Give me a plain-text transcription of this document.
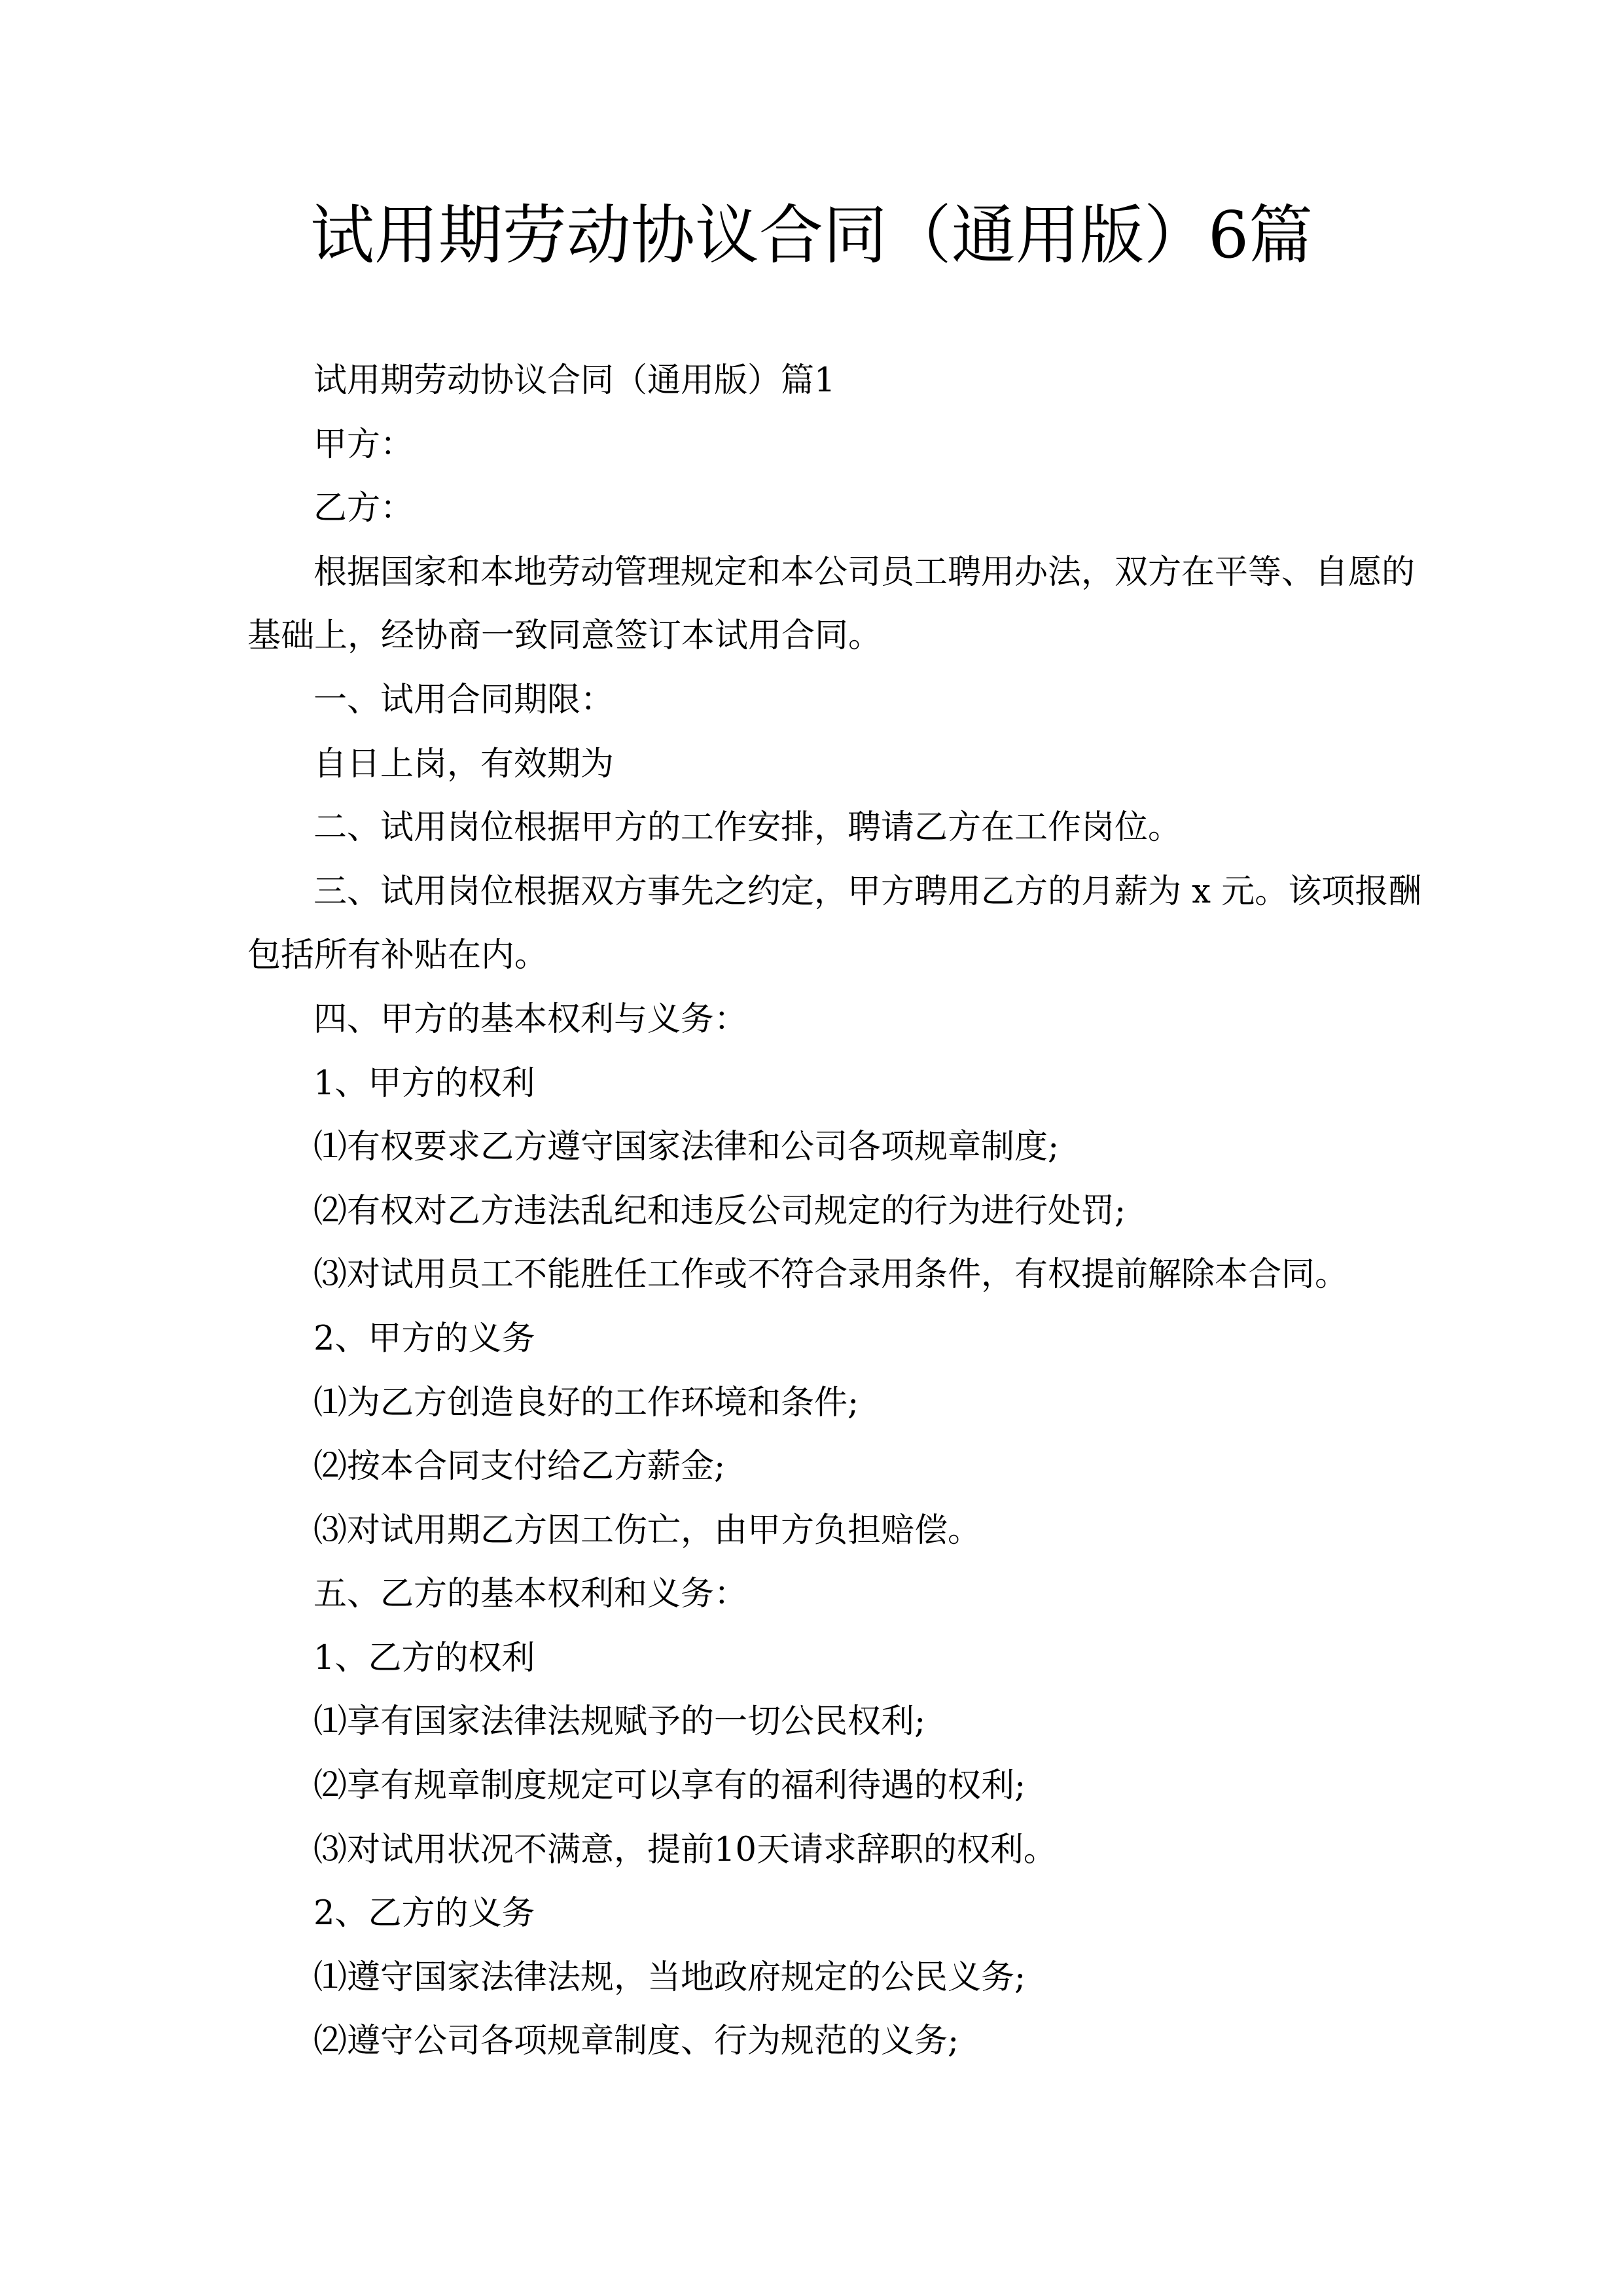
试用期劳动协议合同（通用版）6篇
试用期劳动协议合同（通用版）篇1
甲方：
乙方：
根据国家和本地劳动管理规定和本公司员工聘用办法，双方在平等、自愿的
基础上，经协商一致同意签订本试用合同。
一、试用合同期限：
自日上岗，有效期为
二、试用岗位根据甲方的工作安排，聘请乙方在工作岗位。
三、试用岗位根据双方事先之约定，甲方聘用乙方的月薪为 x 元。该项报酬
包括所有补贴在内。
四、甲方的基本权利与义务：
1、甲方的权利
⑴有权要求乙方遵守国家法律和公司各项规章制度;
⑵有权对乙方违法乱纪和违反公司规定的行为进行处罚;
⑶对试用员工不能胜任工作或不符合录用条件，有权提前解除本合同。
2、甲方的义务
⑴为乙方创造良好的工作环境和条件;
⑵按本合同支付给乙方薪金;
⑶对试用期乙方因工伤亡，由甲方负担赔偿。
五、乙方的基本权利和义务：
1、乙方的权利
⑴享有国家法律法规赋予的一切公民权利;
⑵享有规章制度规定可以享有的福利待遇的权利;
⑶对试用状况不满意，提前10天请求辞职的权利。
2、乙方的义务
⑴遵守国家法律法规，当地政府规定的公民义务;
⑵遵守公司各项规章制度、行为规范的义务;
